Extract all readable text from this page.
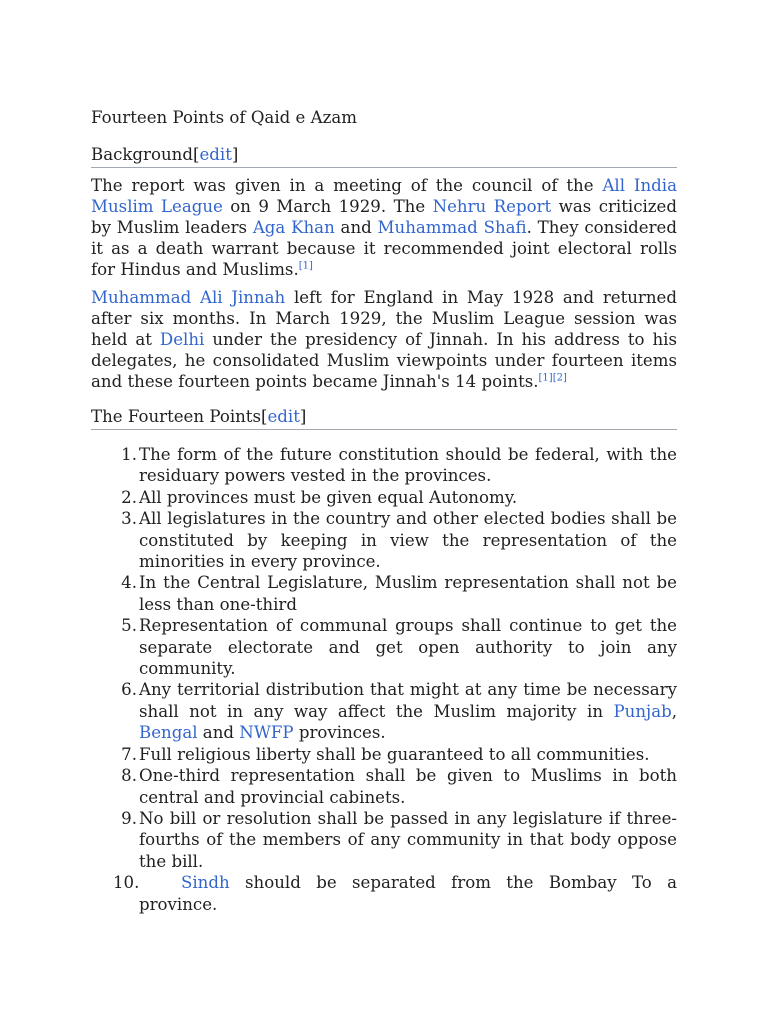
Fourteen Points of Qaid e Azam
Background[edit]

The report was given in a meeting of the council of the All India Muslim League on 9 March 1929. The Nehru Report was criticized by Muslim leaders Aga Khan and Muhammad Shafi. They considered it as a death warrant because it recommended joint electoral rolls for Hindus and Muslims.[1]

Muhammad Ali Jinnah left for England in May 1928 and returned after six months. In March 1929, the Muslim League session was held at Delhi under the presidency of Jinnah. In his address to his delegates, he consolidated Muslim viewpoints under fourteen items and these fourteen points became Jinnah's 14 points.[1][2]

The Fourteen Points[edit]
1. The form of the future constitution should be federal, with the residuary powers vested in the provinces.
2. All provinces must be given equal Autonomy.
3. All legislatures in the country and other elected bodies shall be constituted by keeping in view the representation of the minorities in every province.
4. In the Central Legislature, Muslim representation shall not be less than one-third
5. Representation of communal groups shall continue to get the separate electorate and get open authority to join any community.
6. Any territorial distribution that might at any time be necessary shall not in any way affect the Muslim majority in Punjab, Bengal and NWFP provinces.
7. Full religious liberty shall be guaranteed to all communities.
8. One-third representation shall be given to Muslims in both central and provincial cabinets.
9. No bill or resolution shall be passed in any legislature if three-fourths of the members of any community in that body oppose the bill.
10.	Sindh should be separated from the Bombay To a province.
